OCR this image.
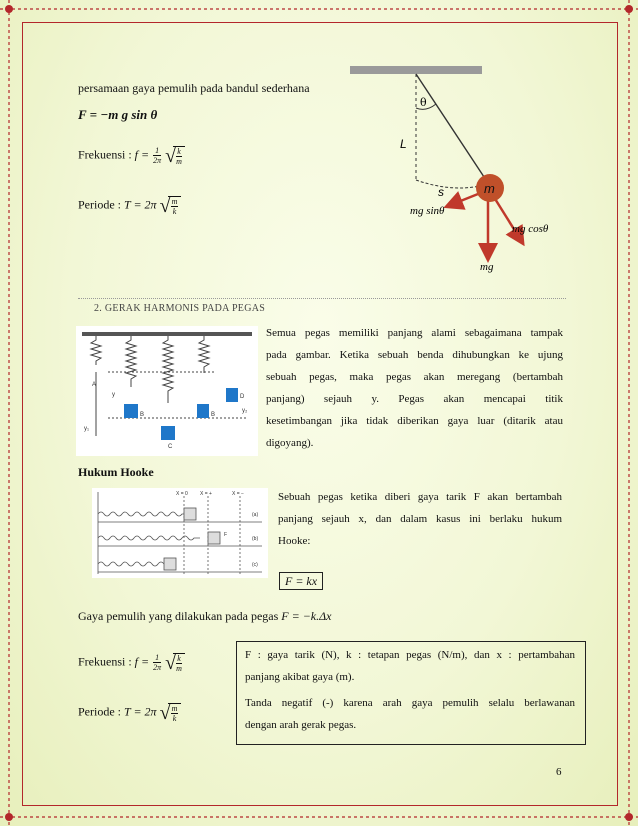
persamaan gaya pemulih pada bandul sederhana
F = −m g sin θ
Frekuensi : $f = \frac{1}{2\pi}$
√ $\frac{k}{m}$
Periode : T = 2π √ $\frac{m}{k}$
θ
L
s	m
mg sinθ
mg cosθ
mg
2. GERAK HARMONIS PADA PEGAS
A
B	B
C
D
y
y₁
y₂
Semua pegas memiliki panjang alami sebagaimana tampak
pada gambar. Ketika sebuah benda dihubungkan ke ujung
sebuah pegas, maka pegas akan meregang (bertambah
panjang) sejauh y. Pegas akan mencapai titik
kesetimbangan jika tidak diberikan gaya luar (ditarik atau
digoyang).
Hukum Hooke
(a)
(b)
(c)
F
X = 0 X = +	X = −	Sebuah pegas ketika diberi gaya tarik F akan bertambah
panjang sejauh x, dan dalam kasus ini berlaku hukum
Hooke:
F = kx
Gaya pemulih yang dilakukan pada pegas F = −k.Δx
Frekuensi : $f = \frac{1}{2\pi}$
√ $\frac{k}{m}$
Periode : T = 2π √ $\frac{m}{k}$
F : gaya tarik (N), k : tetapan pegas (N/m), dan x : pertambahan
panjang akibat gaya (m).
Tanda negatif (-) karena arah gaya pemulih selalu berlawanan
dengan arah gerak pegas.
6
